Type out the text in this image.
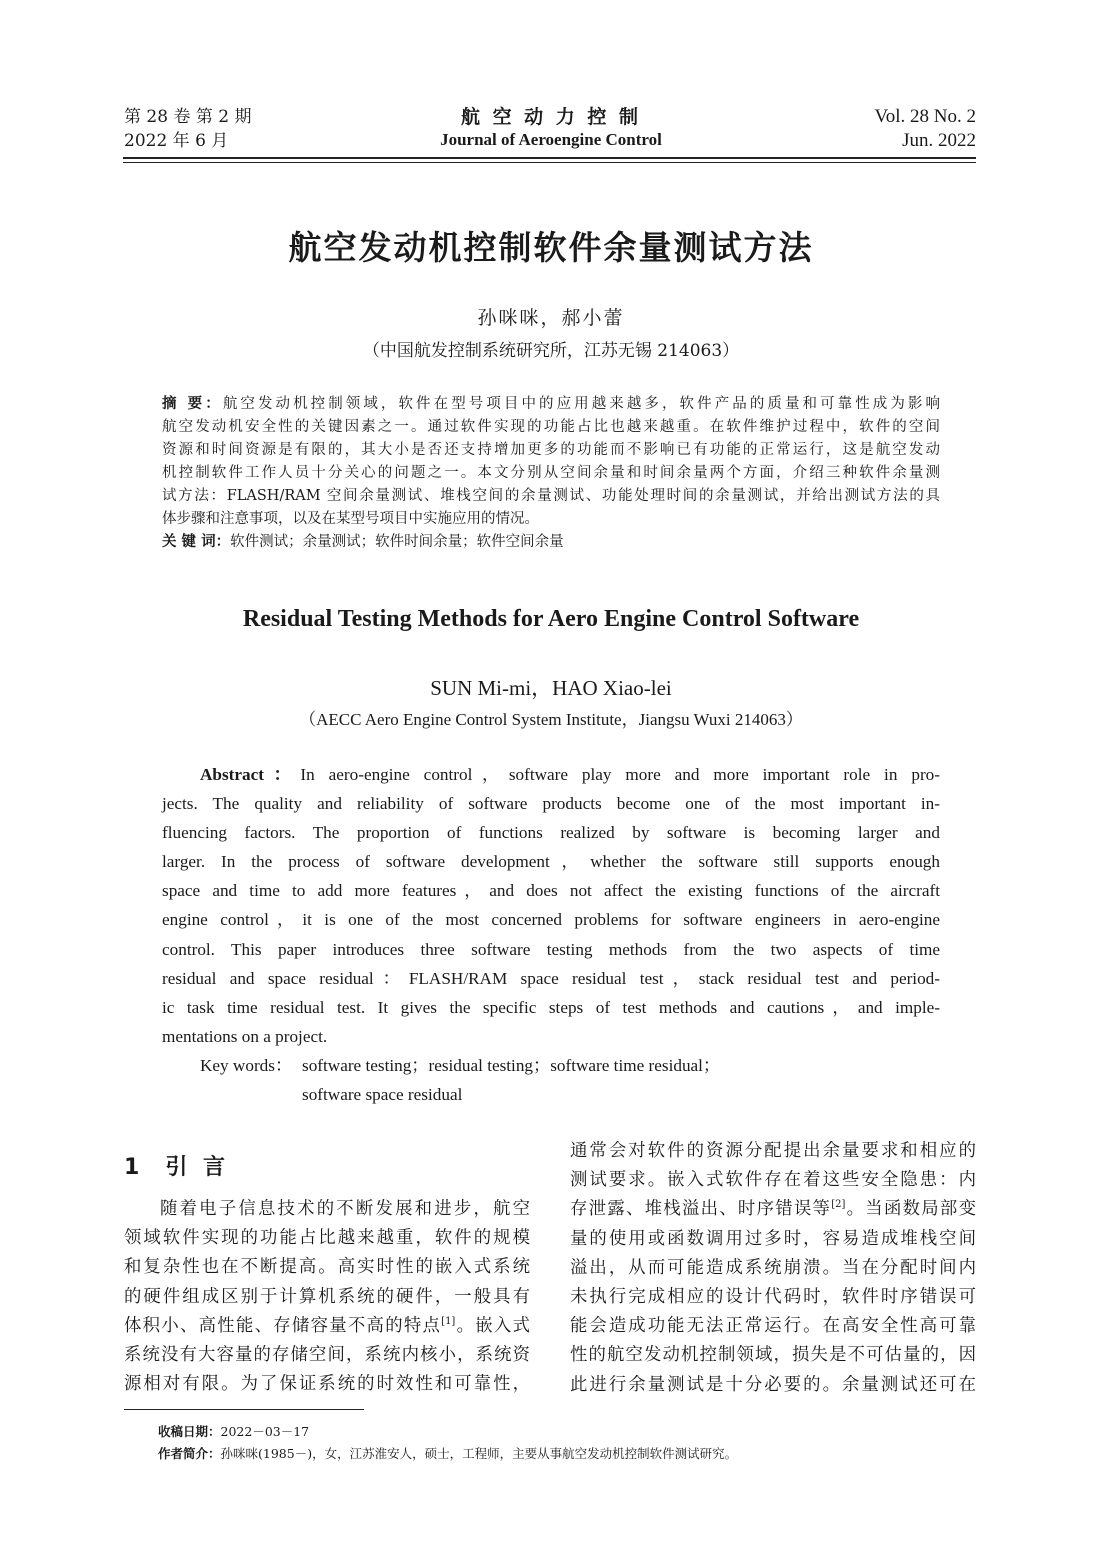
第 28 卷 第 2 期
2022 年 6 月
航 空 动 力 控 制
Journal of Aeroengine Control
Vol. 28 No. 2
Jun. 2022
航空发动机控制软件余量测试方法
孙咪咪，郝小蕾
（中国航发控制系统研究所，江苏无锡 214063）
摘 要：航空发动机控制领域，软件在型号项目中的应用越来越多，软件产品的质量和可靠性成为影响
航空发动机安全性的关键因素之一。通过软件实现的功能占比也越来越重。在软件维护过程中，软件的空间
资源和时间资源是有限的，其大小是否还支持增加更多的功能而不影响已有功能的正常运行，这是航空发动
机控制软件工作人员十分关心的问题之一。本文分别从空间余量和时间余量两个方面，介绍三种软件余量测
试方法：FLASH/RAM 空间余量测试、堆栈空间的余量测试、功能处理时间的余量测试，并给出测试方法的具
体步骤和注意事项，以及在某型号项目中实施应用的情况。
关 键 词：软件测试；余量测试；软件时间余量；软件空间余量
Residual Testing Methods for Aero Engine Control Software
SUN Mi-mi，HAO Xiao-lei
（AECC Aero Engine Control System Institute，Jiangsu Wuxi 214063）
Abstract：In aero-engine control，software play more and more important role in pro-
jects. The quality and reliability of software products become one of the most important in-
fluencing factors. The proportion of functions realized by software is becoming larger and
larger. In the process of software development，whether the software still supports enough
space and time to add more features，and does not affect the existing functions of the aircraft
engine control，it is one of the most concerned problems for software engineers in aero-engine
control. This paper introduces three software testing methods from the two aspects of time
residual and space residual：FLASH/RAM space residual test，stack residual test and period-
ic task time residual test. It gives the specific steps of test methods and cautions，and imple-
mentations on a project.
Key words： software testing；residual testing；software time residual；
software space residual
1 引 言
随着电子信息技术的不断发展和进步，航空
领域软件实现的功能占比越来越重，软件的规模
和复杂性也在不断提高。高实时性的嵌入式系统
的硬件组成区别于计算机系统的硬件，一般具有
体积小、高性能、存储容量不高的特点[1]。嵌入式
系统没有大容量的存储空间，系统内核小，系统资
源相对有限。为了保证系统的时效性和可靠性，
通常会对软件的资源分配提出余量要求和相应的
测试要求。嵌入式软件存在着这些安全隐患：内
存泄露、堆栈溢出、时序错误等[2]。当函数局部变
量的使用或函数调用过多时，容易造成堆栈空间
溢出，从而可能造成系统崩溃。当在分配时间内
未执行完成相应的设计代码时，软件时序错误可
能会造成功能无法正常运行。在高安全性高可靠
性的航空发动机控制领域，损失是不可估量的，因
此进行余量测试是十分必要的。余量测试还可在
收稿日期：2022－03－17
作者简介：孙咪咪(1985－)，女，江苏淮安人，硕士，工程师，主要从事航空发动机控制软件测试研究。
